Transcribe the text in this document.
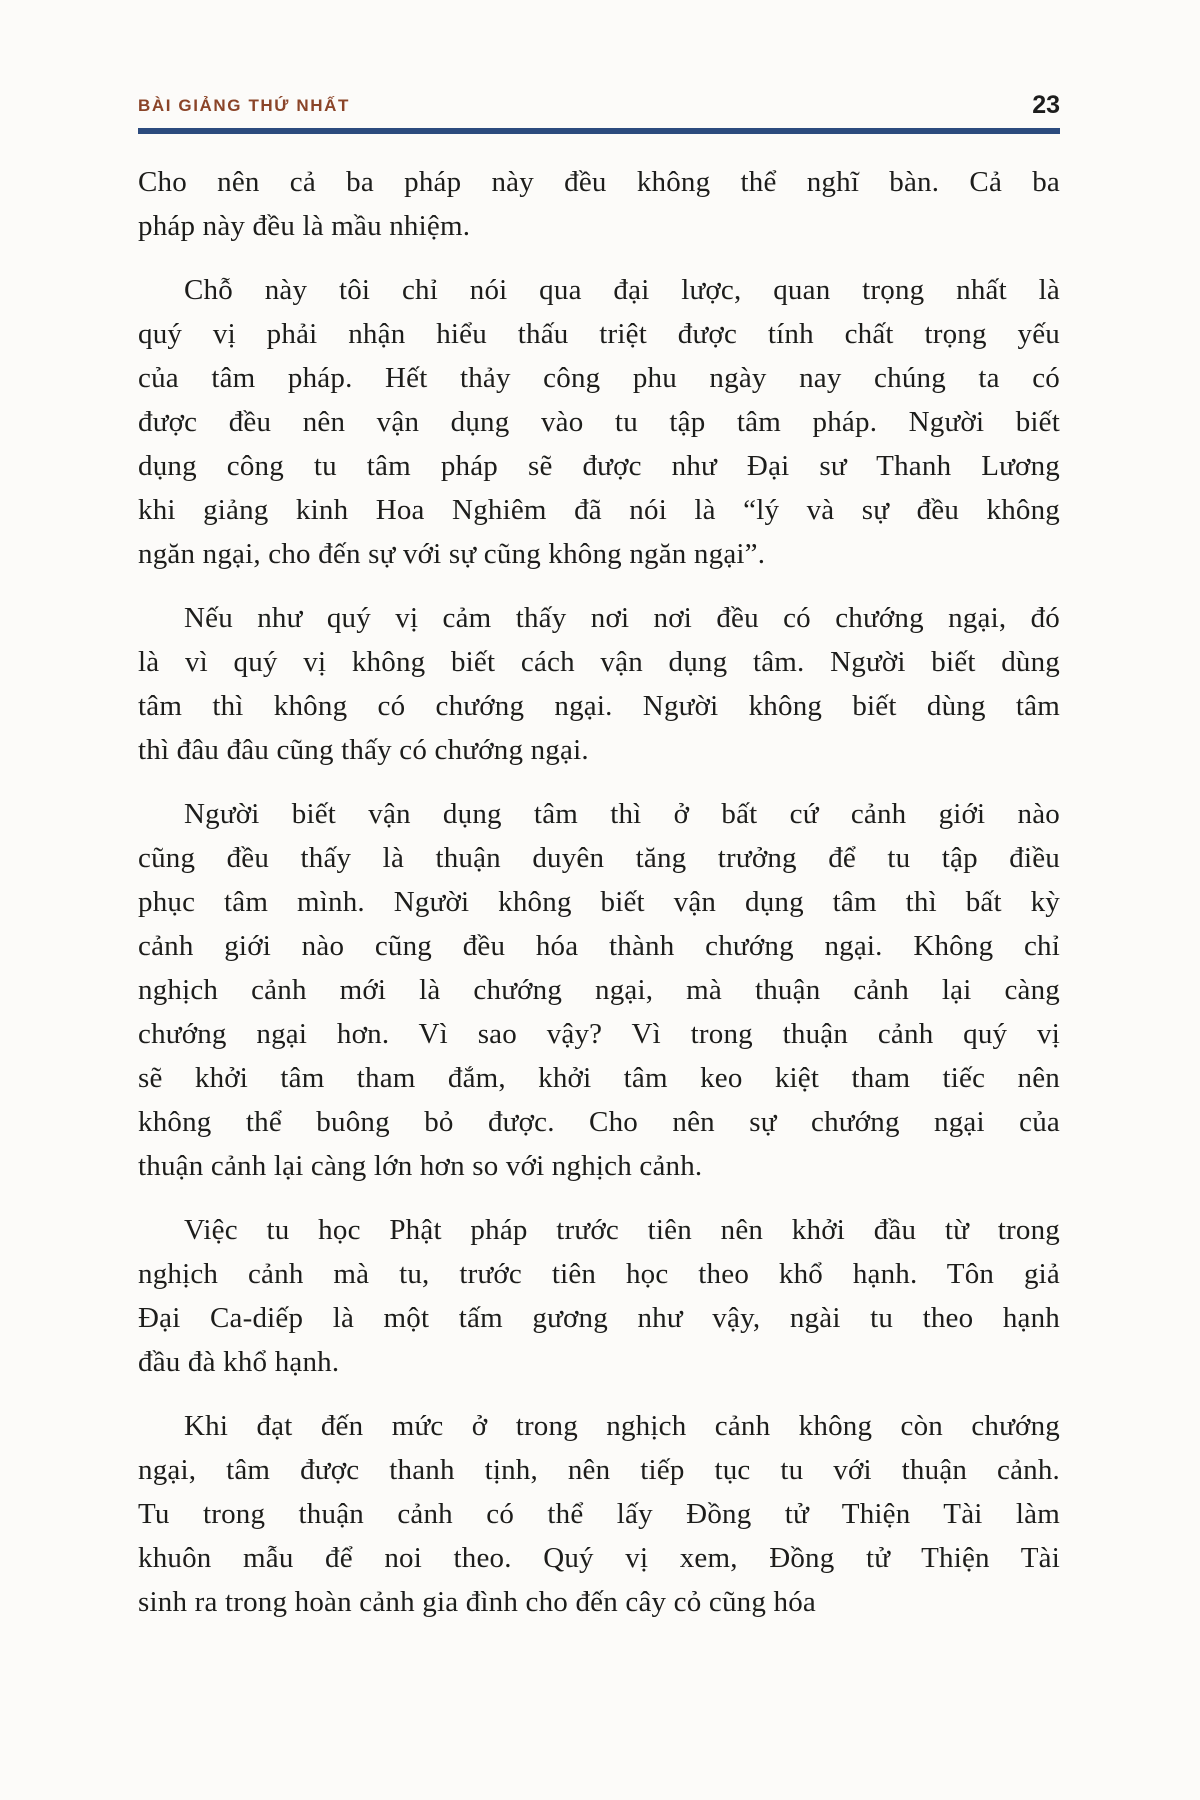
BÀI GIẢNG THỨ NHẤT	23
Cho nên cả ba pháp này đều không thể nghĩ bàn. Cả ba
pháp này đều là mầu nhiệm.
Chỗ này tôi chỉ nói qua đại lược, quan trọng nhất là
quý vị phải nhận hiểu thấu triệt được tính chất trọng yếu
của tâm pháp. Hết thảy công phu ngày nay chúng ta có
được đều nên vận dụng vào tu tập tâm pháp. Người biết
dụng công tu tâm pháp sẽ được như Đại sư Thanh Lương
khi giảng kinh Hoa Nghiêm đã nói là “lý và sự đều không
ngăn ngại, cho đến sự với sự cũng không ngăn ngại”.
Nếu như quý vị cảm thấy nơi nơi đều có chướng ngại, đó
là vì quý vị không biết cách vận dụng tâm. Người biết dùng
tâm thì không có chướng ngại. Người không biết dùng tâm
thì đâu đâu cũng thấy có chướng ngại.
Người biết vận dụng tâm thì ở bất cứ cảnh giới nào
cũng đều thấy là thuận duyên tăng trưởng để tu tập điều
phục tâm mình. Người không biết vận dụng tâm thì bất kỳ
cảnh giới nào cũng đều hóa thành chướng ngại. Không chỉ
nghịch cảnh mới là chướng ngại, mà thuận cảnh lại càng
chướng ngại hơn. Vì sao vậy? Vì trong thuận cảnh quý vị
sẽ khởi tâm tham đắm, khởi tâm keo kiệt tham tiếc nên
không thể buông bỏ được. Cho nên sự chướng ngại của
thuận cảnh lại càng lớn hơn so với nghịch cảnh.
Việc tu học Phật pháp trước tiên nên khởi đầu từ trong
nghịch cảnh mà tu, trước tiên học theo khổ hạnh. Tôn giả
Đại Ca-diếp là một tấm gương như vậy, ngài tu theo hạnh
đầu đà khổ hạnh.
Khi đạt đến mức ở trong nghịch cảnh không còn chướng
ngại, tâm được thanh tịnh, nên tiếp tục tu với thuận cảnh.
Tu trong thuận cảnh có thể lấy Đồng tử Thiện Tài làm
khuôn mẫu để noi theo. Quý vị xem, Đồng tử Thiện Tài
sinh ra trong hoàn cảnh gia đình cho đến cây cỏ cũng hóa
